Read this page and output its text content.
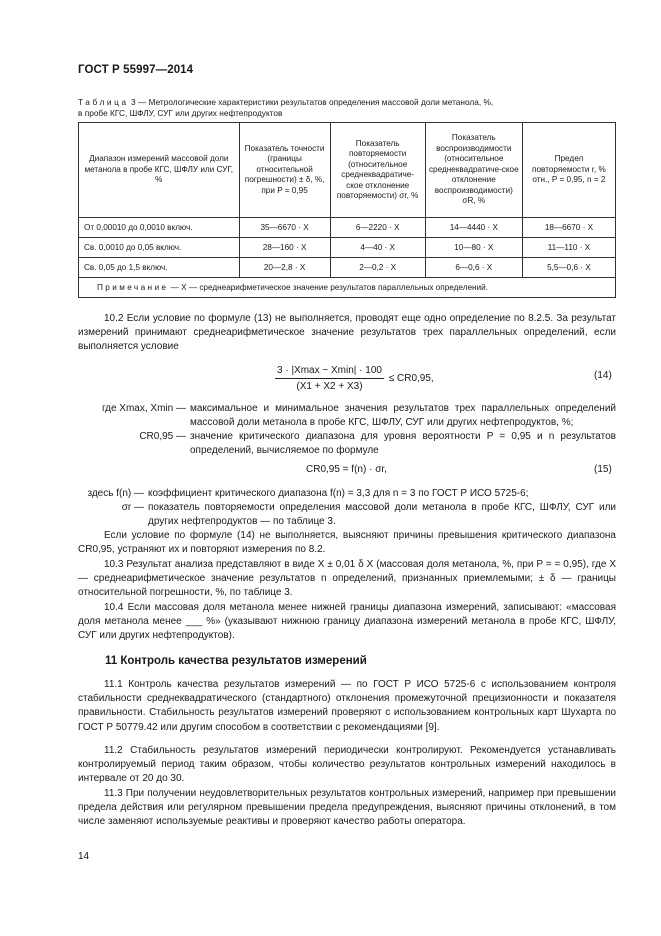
ГОСТ Р 55997—2014
Таблица 3 — Метрологические характеристики результатов определения массовой доли метанола, %,
в пробе КГС, ШФЛУ, СУГ или других нефтепродуктов
Диапазон измерений массовой доли метанола в пробе КГС, ШФЛУ или СУГ, %	Показатель точности (границы относительной погрешности) ± δ, %, при P = 0,95	Показатель повторяемости (относительное среднеквадратиче-ское отклонение повторяемости) σr, %	Показатель воспроизводимости (относительное среднеквадратиче-ское отклонение воспроизводимости) σR, %	Предел повторяемости r, % отн., P = 0,95, n = 2
От 0,00010 до 0,0010 включ.	35—6670 · X	6—2220 · X	14—4440 · X	18—6670 · X
Св. 0,0010 до 0,05 включ.	28—160 · X	4—40 · X	10—80 · X	11—110 · X
Св. 0,05 до 1,5 включ.	20—2,8 · X	2—0,2 · X	6—0,6 · X	5,5—0,6 · X
Примечание — X — среднеарифметическое значение результатов параллельных определений.				
10.2 Если условие по формуле (13) не выполняется, проводят еще одно определение по 8.2.5. За результат измерений принимают среднеарифметическое значение результатов трех параллельных определений, если выполняется условие
3 · |Xmax − Xmin| · 100
(X1 + X2 + X3)
≤ CR0,95,	(14)
где Xmax, Xmin — максимальное и минимальное значения результатов трех параллельных определений массовой доли метанола в пробе КГС, ШФЛУ, СУГ или других нефтепродуктов, %;
CR0,95 — значение критического диапазона для уровня вероятности P = 0,95 и n результатов определений, вычисляемое по формуле
CR0,95 = f(n) · σr,	(15)
здесь f(n) — коэффициент критического диапазона f(n) = 3,3 для n = 3 по ГОСТ Р ИСО 5725-6;
σr — показатель повторяемости определения массовой доли метанола в пробе КГС, ШФЛУ, СУГ или других нефтепродуктов — по таблице 3.
Если условие по формуле (14) не выполняется, выясняют причины превышения критического диапазона CR0,95, устраняют их и повторяют измерения по 8.2.
10.3 Результат анализа представляют в виде X ± 0,01 δ X (массовая доля метанола, %, при P = = 0,95), где X — среднеарифметическое значение результатов n определений, признанных приемлемыми; ± δ — границы относительной погрешности, %, по таблице 3.
10.4 Если массовая доля метанола менее нижней границы диапазона измерений, записывают: «массовая доля метанола менее ___ %» (указывают нижнюю границу диапазона измерений метанола в пробе КГС, ШФЛУ, СУГ или других нефтепродуктов).
11 Контроль качества результатов измерений
11.1 Контроль качества результатов измерений — по ГОСТ Р ИСО 5725-6 с использованием контроля стабильности среднеквадратического (стандартного) отклонения промежуточной прецизионности и показателя правильности. Стабильность результатов измерений проверяют с использованием контрольных карт Шухарта по ГОСТ Р 50779.42 или другим способом в соответствии с рекомендациями [9].
11.2 Стабильность результатов измерений периодически контролируют. Рекомендуется устанавливать контролируемый период таким образом, чтобы количество результатов контрольных измерений находилось в интервале от 20 до 30.
11.3 При получении неудовлетворительных результатов контрольных измерений, например при превышении предела действия или регулярном превышении предела предупреждения, выясняют причины отклонений, в том числе заменяют используемые реактивы и проверяют качество работы оператора.
14
